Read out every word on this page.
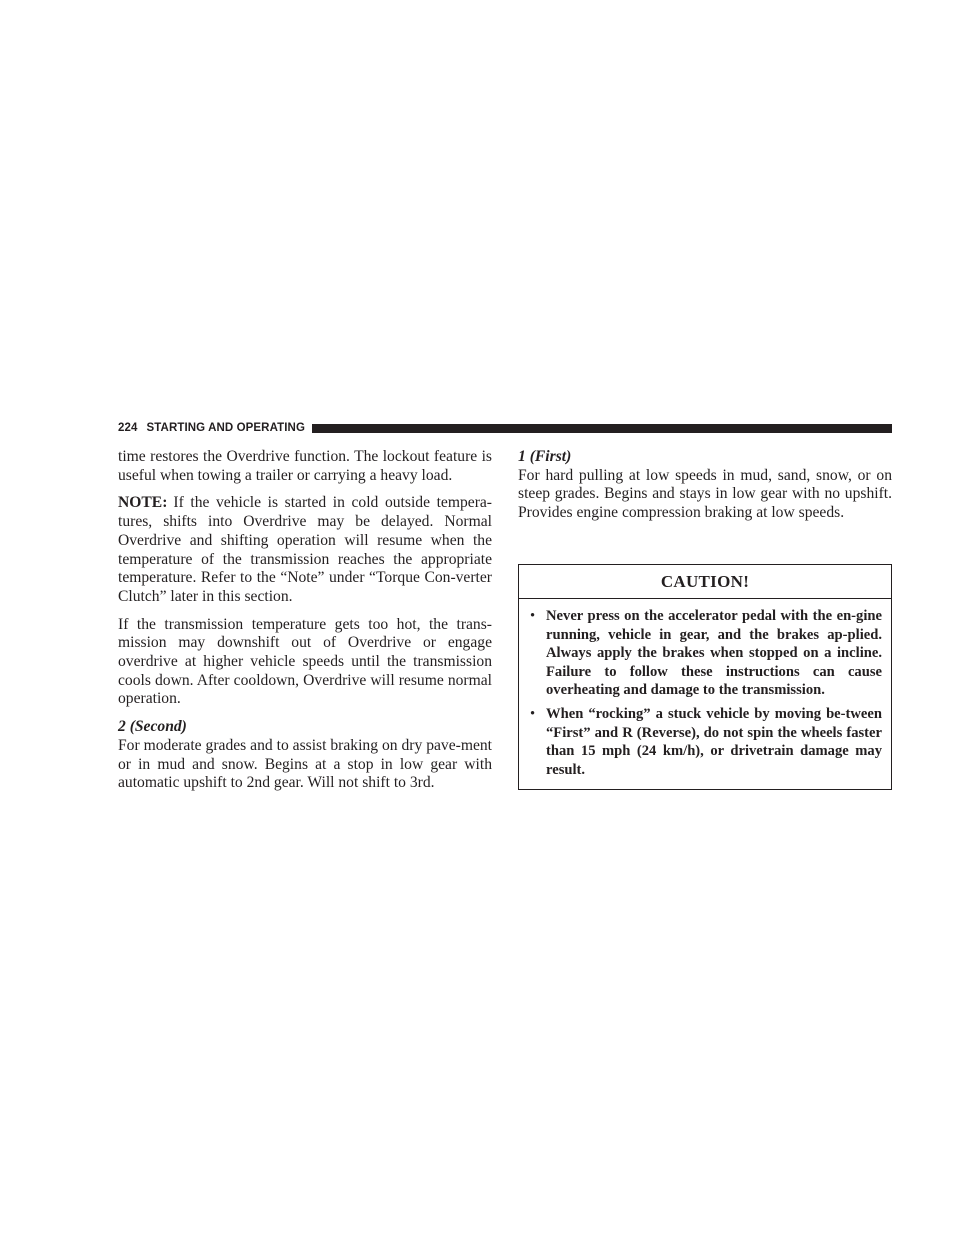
224 STARTING AND OPERATING

time restores the Overdrive function. The lockout feature is useful when towing a trailer or carrying a heavy load.

NOTE: If the vehicle is started in cold outside tempera-tures, shifts into Overdrive may be delayed. Normal Overdrive and shifting operation will resume when the temperature of the transmission reaches the appropriate temperature. Refer to the “Note” under “Torque Con-verter Clutch” later in this section.

If the transmission temperature gets too hot, the trans-mission may downshift out of Overdrive or engage overdrive at higher vehicle speeds until the transmission cools down. After cooldown, Overdrive will resume normal operation.

2 (Second)
For moderate grades and to assist braking on dry pave-ment or in mud and snow. Begins at a stop in low gear with automatic upshift to 2nd gear. Will not shift to 3rd.

1 (First)
For hard pulling at low speeds in mud, sand, snow, or on steep grades. Begins and stays in low gear with no upshift. Provides engine compression braking at low speeds.

CAUTION!
• Never press on the accelerator pedal with the en-gine running, vehicle in gear, and the brakes ap-plied. Always apply the brakes when stopped on a incline. Failure to follow these instructions can cause overheating and damage to the transmission.
• When “rocking” a stuck vehicle by moving be-tween “First” and R (Reverse), do not spin the wheels faster than 15 mph (24 km/h), or drivetrain damage may result.
